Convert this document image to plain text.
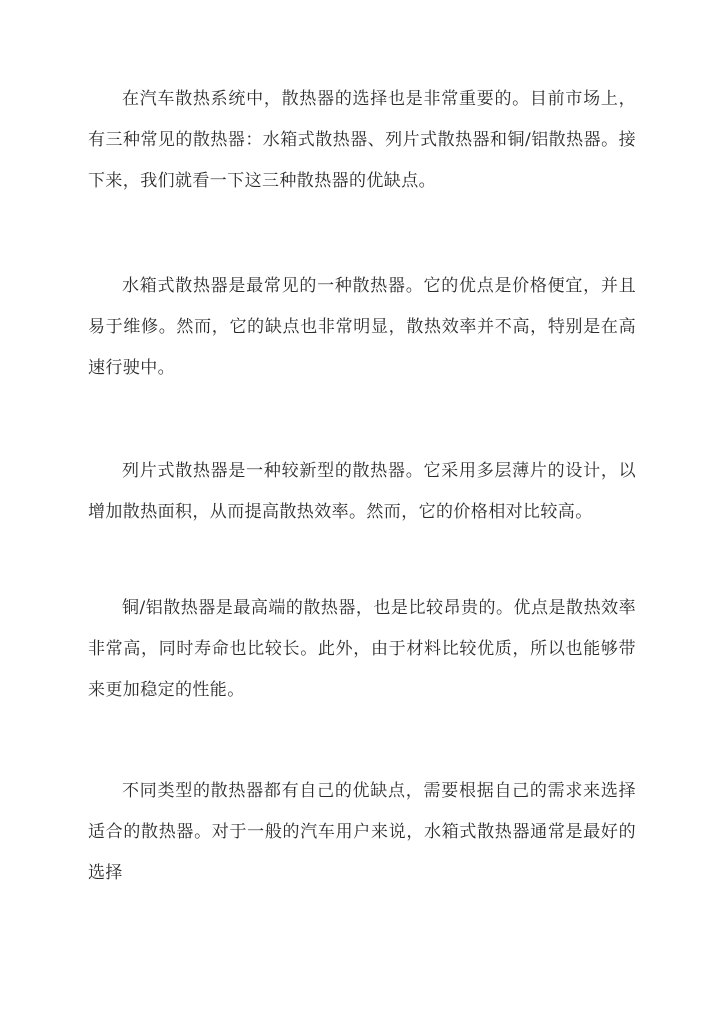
在汽车散热系统中，散热器的选择也是非常重要的。目前市场上，有三种常见的散热器：水箱式散热器、列片式散热器和铜/铝散热器。接下来，我们就看一下这三种散热器的优缺点。

水箱式散热器是最常见的一种散热器。它的优点是价格便宜，并且易于维修。然而，它的缺点也非常明显，散热效率并不高，特别是在高速行驶中。

列片式散热器是一种较新型的散热器。它采用多层薄片的设计，以增加散热面积，从而提高散热效率。然而，它的价格相对比较高。

铜/铝散热器是最高端的散热器，也是比较昂贵的。优点是散热效率非常高，同时寿命也比较长。此外，由于材料比较优质，所以也能够带来更加稳定的性能。

不同类型的散热器都有自己的优缺点，需要根据自己的需求来选择适合的散热器。对于一般的汽车用户来说，水箱式散热器通常是最好的选择
